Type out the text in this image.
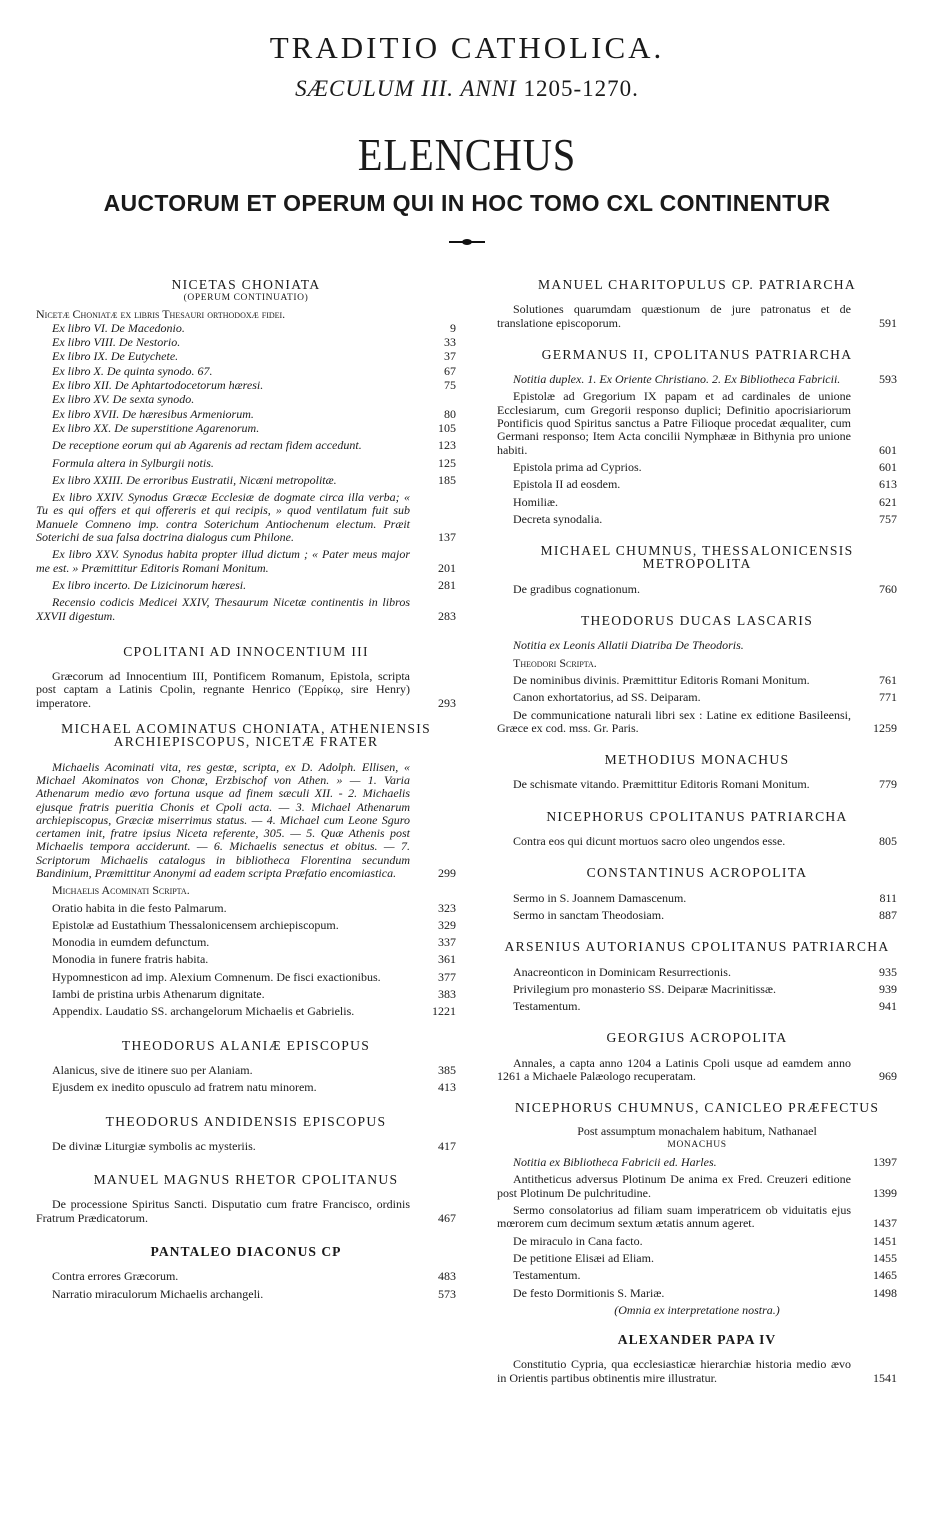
TRADITIO CATHOLICA.
SÆCULUM III. ANNI 1205-1270.
ELENCHUS
AUCTORUM ET OPERUM QUI IN HOC TOMO CXL CONTINENTUR
NICETAS CHONIATA
(OPERUM CONTINUATIO)
Nicetæ Choniatæ ex libris Thesauri orthodoxæ fidei.
Ex libro VI. De Macedonio.	9
Ex libro VIII. De Nestorio.	33
Ex libro IX. De Eutychete.	37
Ex libro X. De quinta synodo. 67.	67
Ex libro XII. De Aphtartodocetorum hæresi.	75
Ex libro XV. De sexta synodo.
Ex libro XVII. De hæresibus Armeniorum.	80
Ex libro XX. De superstitione Agarenorum.	105
De receptione eorum qui ab Agarenis ad rectam fidem accedunt.	123
Formula altera in Sylburgii notis.	125
Ex libro XXIII. De erroribus Eustratii, Nicæni metropolitæ.	185
Ex libro XXIV. Synodus Græcæ Ecclesiæ de dogmate circa illa verba; « Tu es qui offers et qui offereris et qui recipis, » quod ventilatum fuit sub Manuele Comneno imp. contra Soterichum Antiochenum electum. Præit Soterichi de sua falsa doctrina dialogus cum Philone.	137
Ex libro XXV. Synodus habita propter illud dictum ; « Pater meus major me est. » Præmittitur Editoris Romani Monitum.	201
Ex libro incerto. De Lizicinorum hæresi.	281
Recensio codicis Medicei XXIV, Thesaurum Nicetæ continentis in libros XXVII digestum.	283
CPOLITANI AD INNOCENTIUM III
Græcorum ad Innocentium III, Pontificem Romanum, Epistola, scripta post captam a Latinis Cpolin, regnante Henrico (Ἐρρίκῳ, sire Henry) imperatore.	293
MICHAEL ACOMINATUS CHONIATA, ATHENIENSIS ARCHIEPISCOPUS, NICETÆ FRATER
Michaelis Acominati vita, res gestæ, scripta, ex D. Adolph. Ellisen, « Michael Akominatos von Chonæ, Erzbischof von Athen. » — 1. Varia Athenarum medio ævo fortuna usque ad finem sæculi XII. - 2. Michaelis ejusque fratris pueritia Chonis et Cpoli acta. — 3. Michael Athenarum archiepiscopus, Græciæ miserrimus status. — 4. Michael cum Leone Sguro certamen init, fratre ipsius Niceta referente, 305. — 5. Quæ Athenis post Michaelis tempora acciderunt. — 6. Michaelis senectus et obitus. — 7. Scriptorum Michaelis catalogus in bibliotheca Florentina secundum Bandinium, Præmittitur Anonymi ad eadem scripta Præfatio encomiastica.	299
Michaelis Acominati Scripta.
Oratio habita in die festo Palmarum.	323
Epistolæ ad Eustathium Thessalonicensem archiepiscopum.	329
Monodia in eumdem defunctum.	337
Monodia in funere fratris habita.	361
Hypomnesticon ad imp. Alexium Comnenum. De fisci exactionibus.	377
Iambi de pristina urbis Athenarum dignitate.	383
Appendix. Laudatio SS. archangelorum Michaelis et Gabrielis.	1221
THEODORUS ALANIÆ EPISCOPUS
Alanicus, sive de itinere suo per Alaniam.	385
Ejusdem ex inedito opusculo ad fratrem natu minorem.	413
THEODORUS ANDIDENSIS EPISCOPUS
De divinæ Liturgiæ symbolis ac mysteriis.	417
MANUEL MAGNUS RHETOR CPOLITANUS
De processione Spiritus Sancti. Disputatio cum fratre Francisco, ordinis Fratrum Prædicatorum.	467
PANTALEO DIACONUS CP
Contra errores Græcorum.	483
Narratio miraculorum Michaelis archangeli.	573
MANUEL CHARITOPULUS CP. PATRIARCHA
Solutiones quarumdam quæstionum de jure patronatus et de translatione episcoporum.	591
GERMANUS II, CPOLITANUS PATRIARCHA
Notitia duplex. 1. Ex Oriente Christiano. 2. Ex Bibliotheca Fabricii.	593
Epistolæ ad Gregorium IX papam et ad cardinales de unione Ecclesiarum, cum Gregorii responso duplici; Definitio apocrisiariorum Pontificis quod Spiritus sanctus a Patre Filioque procedat æqualiter, cum Germani responso; Item Acta concilii Nymphææ in Bithynia pro unione habiti.	601
Epistola prima ad Cyprios.	601
Epistola II ad eosdem.	613
Homiliæ.	621
Decreta synodalia.	757
MICHAEL CHUMNUS, THESSALONICENSIS METROPOLITA
De gradibus cognationum.	760
THEODORUS DUCAS LASCARIS
Notitia ex Leonis Allatii Diatriba De Theodoris.
Theodori Scripta.
De nominibus divinis. Præmittitur Editoris Romani Monitum.	761
Canon exhortatorius, ad SS. Deiparam.	771
De communicatione naturali libri sex : Latine ex editione Basileensi, Græce ex cod. mss. Gr. Paris.	1259
METHODIUS MONACHUS
De schismate vitando. Præmittitur Editoris Romani Monitum.	779
NICEPHORUS CPOLITANUS PATRIARCHA
Contra eos qui dicunt mortuos sacro oleo ungendos esse.	805
CONSTANTINUS ACROPOLITA
Sermo in S. Joannem Damascenum.	811
Sermo in sanctam Theodosiam.	887
ARSENIUS AUTORIANUS CPOLITANUS PATRIARCHA
Anacreonticon in Dominicam Resurrectionis.	935
Privilegium pro monasterio SS. Deiparæ Macrinitissæ.	939
Testamentum.	941
GEORGIUS ACROPOLITA
Annales, a capta anno 1204 a Latinis Cpoli usque ad eamdem anno 1261 a Michaele Palæologo recuperatam.	969
NICEPHORUS CHUMNUS, CANICLEO PRÆFECTUS
Post assumptum monachalem habitum, Nathanael
MONACHUS
Notitia ex Bibliotheca Fabricii ed. Harles.	1397
Antitheticus adversus Plotinum De anima ex Fred. Creuzeri editione post Plotinum De pulchritudine.	1399
Sermo consolatorius ad filiam suam imperatricem ob viduitatis ejus mœrorem cum decimum sextum ætatis annum ageret.	1437
De miraculo in Cana facto.	1451
De petitione Elisæi ad Eliam.	1455
Testamentum.	1465
De festo Dormitionis S. Mariæ.	1498
(Omnia ex interpretatione nostra.)
ALEXANDER PAPA IV
Constitutio Cypria, qua ecclesiasticæ hierarchiæ historia medio ævo in Orientis partibus obtinentis mire illustratur.	1541
